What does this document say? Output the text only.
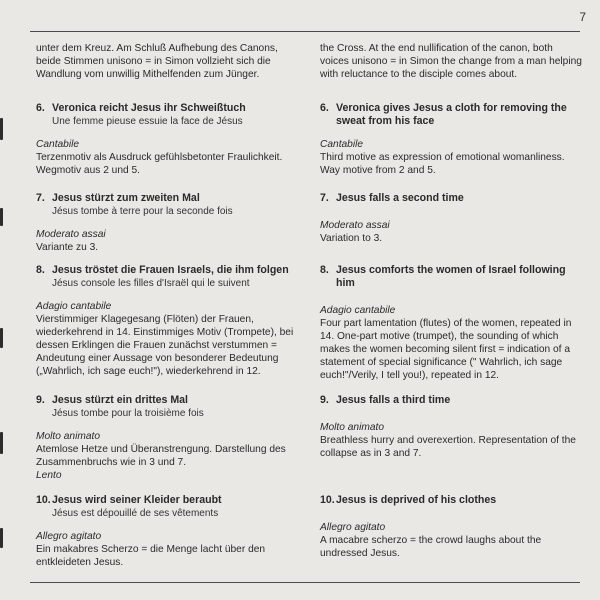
7

unter dem Kreuz. Am Schluß Aufhebung des Canons, beide Stimmen unisono = in Simon vollzieht sich die Wandlung vom unwillig Mithelfenden zum Jünger.

6. Veronica reicht Jesus ihr Schweißtuch
Une femme pieuse essuie la face de Jésus
Cantabile

Terzenmotiv als Ausdruck gefühlsbetonter Fraulichkeit. Wegmotiv aus 2 und 5.

7. Jesus stürzt zum zweiten Mal
Jésus tombe à terre pour la seconde fois
Moderato assai

Variante zu 3.

8. Jesus tröstet die Frauen Israels, die ihm folgen
Jésus console les filles d'Israël qui le suivent
Adagio cantabile

Vierstimmiger Klagegesang (Flöten) der Frauen, wiederkehrend in 14. Einstimmiges Motiv (Trompete), bei dessen Erklingen die Frauen zunächst verstummen = Andeutung einer Aussage von besonderer Bedeutung („Wahrlich, ich sage euch!"), wiederkehrend in 12.

9. Jesus stürzt ein drittes Mal
Jésus tombe pour la troisième fois
Molto animato

Atemlose Hetze und Überanstrengung. Darstellung des Zusammenbruchs wie in 3 und 7.

Lento
10. Jesus wird seiner Kleider beraubt
Jésus est dépouillé de ses vêtements
Allegro agitato

Ein makabres Scherzo = die Menge lacht über den entkleideten Jesus.

the Cross. At the end nullification of the canon, both voices unisono = in Simon the change from a man helping with reluctance to the disciple comes about.

6. Veronica gives Jesus a cloth for removing the sweat from his face
Cantabile

Third motive as expression of emotional womanliness. Way motive from 2 and 5.

7. Jesus falls a second time
Moderato assai

Variation to 3.

8. Jesus comforts the women of Israel following him
Adagio cantabile

Four part lamentation (flutes) of the women, repeated in 14. One-part motive (trumpet), the sounding of which makes the women becoming silent first = indication of a statement of special significance (" Wahrlich, ich sage euch!"/Verily, I tell you!), repeated in 12.

9. Jesus falls a third time
Molto animato

Breathless hurry and overexertion. Representation of the collapse as in 3 and 7.

10. Jesus is deprived of his clothes
Allegro agitato

A macabre scherzo = the crowd laughs about the undressed Jesus.
